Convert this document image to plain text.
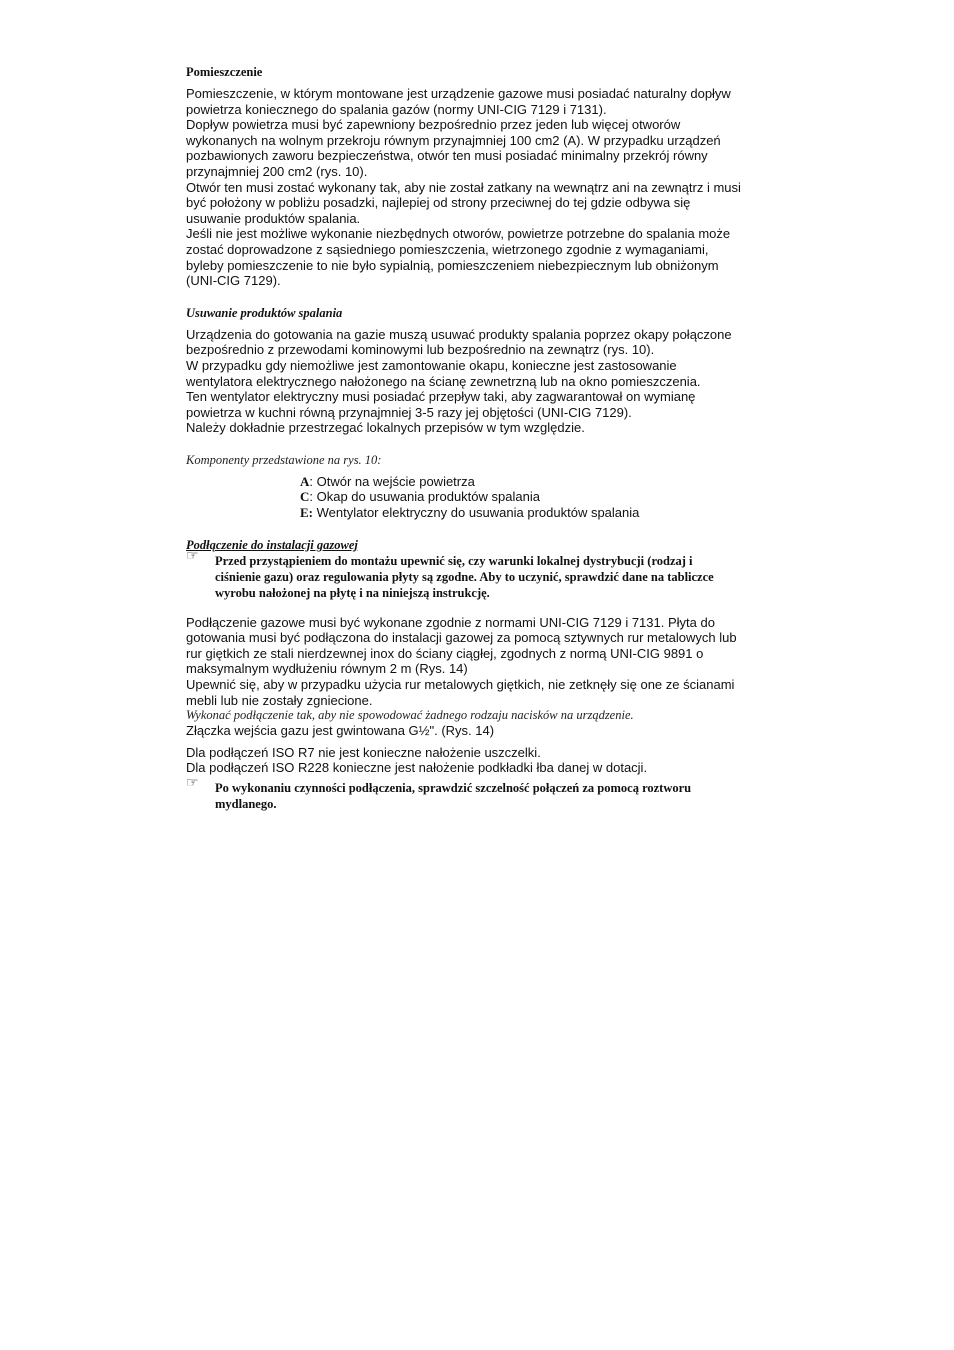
Pomieszczenie

Pomieszczenie, w którym montowane jest urządzenie gazowe musi posiadać naturalny dopływ

powietrza koniecznego do spalania gazów (normy UNI-CIG 7129 i 7131).

Dopływ powietrza musi być zapewniony bezpośrednio przez jeden lub więcej otworów

wykonanych na wolnym przekroju równym przynajmniej 100 cm2 (A). W przypadku urządzeń

pozbawionych zaworu bezpieczeństwa, otwór ten musi posiadać minimalny przekrój równy

przynajmniej 200 cm2 (rys. 10).

Otwór ten musi zostać wykonany tak, aby nie został zatkany na wewnątrz ani na zewnątrz i musi

być położony w pobliżu posadzki, najlepiej od strony przeciwnej do tej gdzie odbywa się

usuwanie produktów spalania.

Jeśli nie jest możliwe wykonanie niezbędnych otworów, powietrze potrzebne do spalania może

zostać doprowadzone z sąsiedniego pomieszczenia, wietrzonego zgodnie z wymaganiami,

byleby pomieszczenie to nie było sypialnią, pomieszczeniem niebezpiecznym lub obniżonym

(UNI-CIG 7129).

Usuwanie produktów spalania

Urządzenia do gotowania na gazie muszą usuwać produkty spalania poprzez okapy połączone

bezpośrednio z przewodami kominowymi lub bezpośrednio na zewnątrz (rys. 10).

W przypadku gdy niemożliwe jest zamontowanie okapu, konieczne jest zastosowanie

wentylatora elektrycznego nałożonego na ścianę zewnetrzną lub na okno pomieszczenia.

Ten wentylator elektryczny musi posiadać przepływ taki, aby zagwarantował on wymianę

powietrza w kuchni równą przynajmniej 3-5 razy jej objętości (UNI-CIG 7129).

Należy dokładnie przestrzegać lokalnych przepisów w tym względzie.

Komponenty przedstawione na rys. 10:

A: Otwór na wejście powietrza

C: Okap do usuwania produktów spalania

E: Wentylator elektryczny do usuwania produktów spalania

Podłączenie do instalacji gazowej
☞	Przed przystąpieniem do montażu upewnić się, czy warunki lokalnej dystrybucji (rodzaj i
ciśnienie gazu) oraz regulowania płyty są zgodne. Aby to uczynić, sprawdzić dane na tabliczce
wyrobu nałożonej na płytę i na niniejszą instrukcję.

Podłączenie gazowe musi być wykonane zgodnie z normami UNI-CIG 7129 i 7131. Płyta do

gotowania musi być podłączona do instalacji gazowej za pomocą sztywnych rur metalowych lub

rur giętkich ze stali nierdzewnej inox do ściany ciągłej, zgodnych z normą UNI-CIG 9891 o

maksymalnym wydłużeniu równym 2 m (Rys. 14)

Upewnić się, aby w przypadku użycia rur metalowych giętkich, nie zetknęły się one ze ścianami

mebli lub nie zostały zgniecione.

Wykonać podłączenie tak, aby nie spowodować żadnego rodzaju nacisków na urządzenie.

Złączka wejścia gazu jest gwintowana G½". (Rys. 14)

Dla podłączeń ISO R7 nie jest konieczne nałożenie uszczelki.

Dla podłączeń ISO R228 konieczne jest nałożenie podkładki łba danej w dotacji.

☞	Po wykonaniu czynności podłączenia, sprawdzić szczelność połączeń za pomocą roztworu
mydlanego.
